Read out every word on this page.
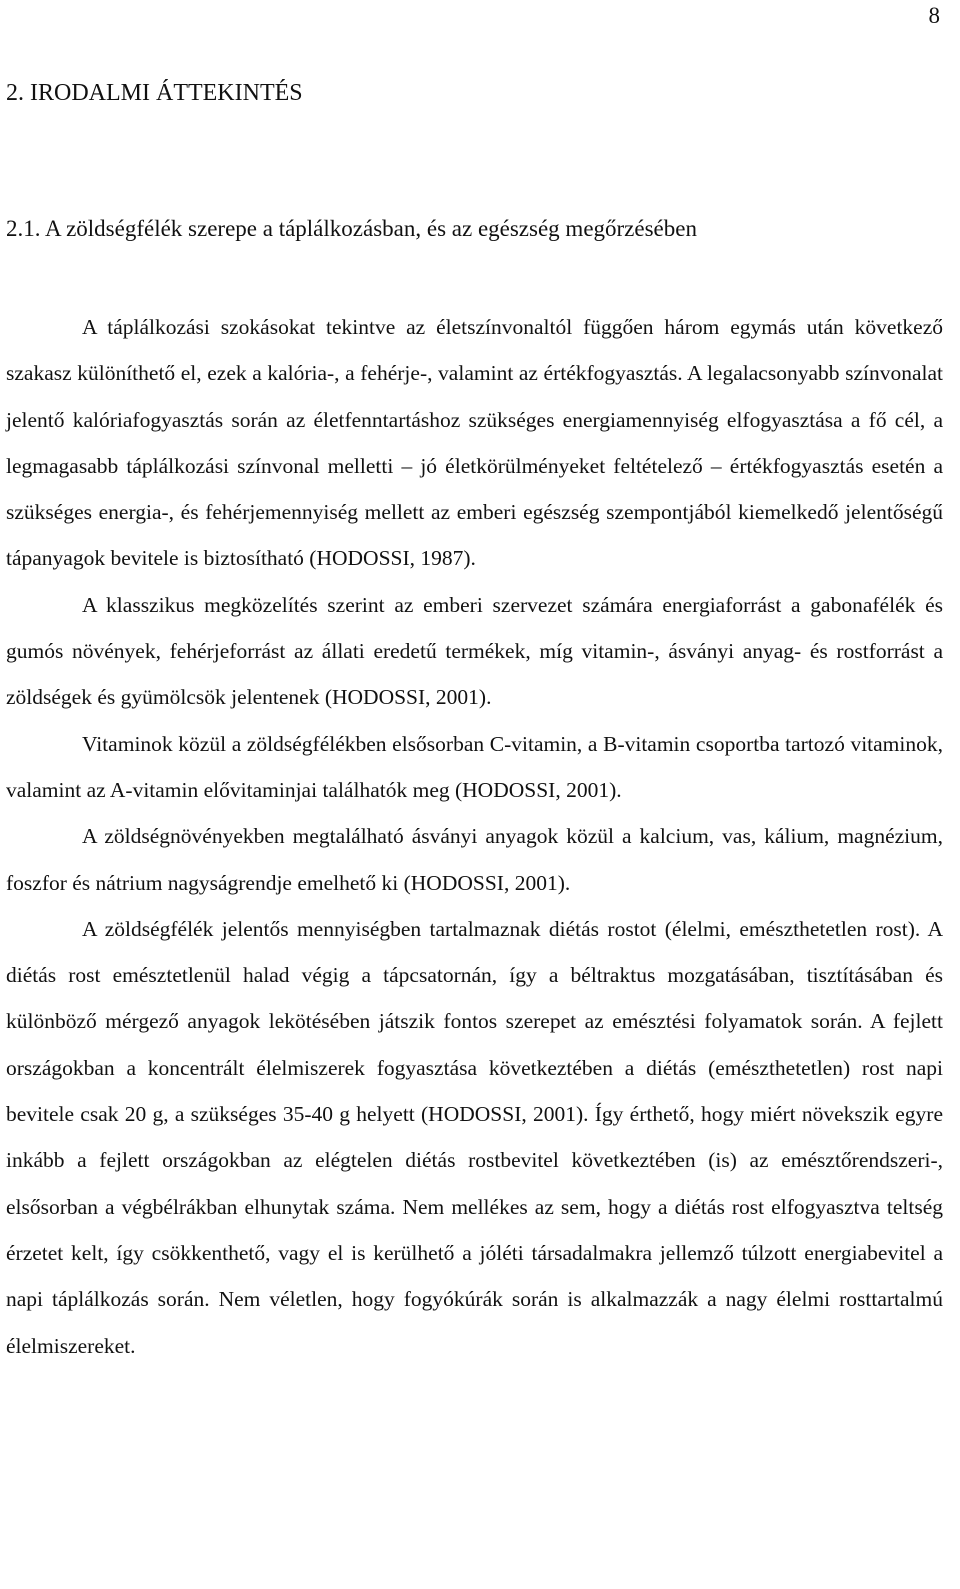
8
2. IRODALMI ÁTTEKINTÉS
2.1. A zöldségfélék szerepe a táplálkozásban, és az egészség megőrzésében

A táplálkozási szokásokat tekintve az életszínvonaltól függően három egymás után következő szakasz különíthető el, ezek a kalória-, a fehérje-, valamint az értékfogyasztás. A legalacsonyabb színvonalat jelentő kalóriafogyasztás során az életfenntartáshoz szükséges energiamennyiség elfogyasztása a fő cél, a legmagasabb táplálkozási színvonal melletti – jó életkörülményeket feltételező – értékfogyasztás esetén a szükséges energia-, és fehérjemennyiség mellett az emberi egészség szempontjából kiemelkedő jelentőségű tápanyagok bevitele is biztosítható (HODOSSI, 1987).

A klasszikus megközelítés szerint az emberi szervezet számára energiaforrást a gabonafélék és gumós növények, fehérjeforrást az állati eredetű termékek, míg vitamin-, ásványi anyag- és rostforrást a zöldségek és gyümölcsök jelentenek (HODOSSI, 2001).

Vitaminok közül a zöldségfélékben elsősorban C-vitamin, a B-vitamin csoportba tartozó vitaminok, valamint az A-vitamin elővitaminjai találhatók meg (HODOSSI, 2001).

A zöldségnövényekben megtalálható ásványi anyagok közül a kalcium, vas, kálium, magnézium, foszfor és nátrium nagyságrendje emelhető ki (HODOSSI, 2001).

A zöldségfélék jelentős mennyiségben tartalmaznak diétás rostot (élelmi, emészthetetlen rost). A diétás rost emésztetlenül halad végig a tápcsatornán, így a béltraktus mozgatásában, tisztításában és különböző mérgező anyagok lekötésében játszik fontos szerepet az emésztési folyamatok során. A fejlett országokban a koncentrált élelmiszerek fogyasztása következtében a diétás (emészthetetlen) rost napi bevitele csak 20 g, a szükséges 35-40 g helyett (HODOSSI, 2001). Így érthető, hogy miért növekszik egyre inkább a fejlett országokban az elégtelen diétás rostbevitel következtében (is) az emésztőrendszeri-, elsősorban a végbélrákban elhunytak száma. Nem mellékes az sem, hogy a diétás rost elfogyasztva teltség érzetet kelt, így csökkenthető, vagy el is kerülhető a jóléti társadalmakra jellemző túlzott energiabevitel a napi táplálkozás során. Nem véletlen, hogy fogyókúrák során is alkalmazzák a nagy élelmi rosttartalmú élelmiszereket.
